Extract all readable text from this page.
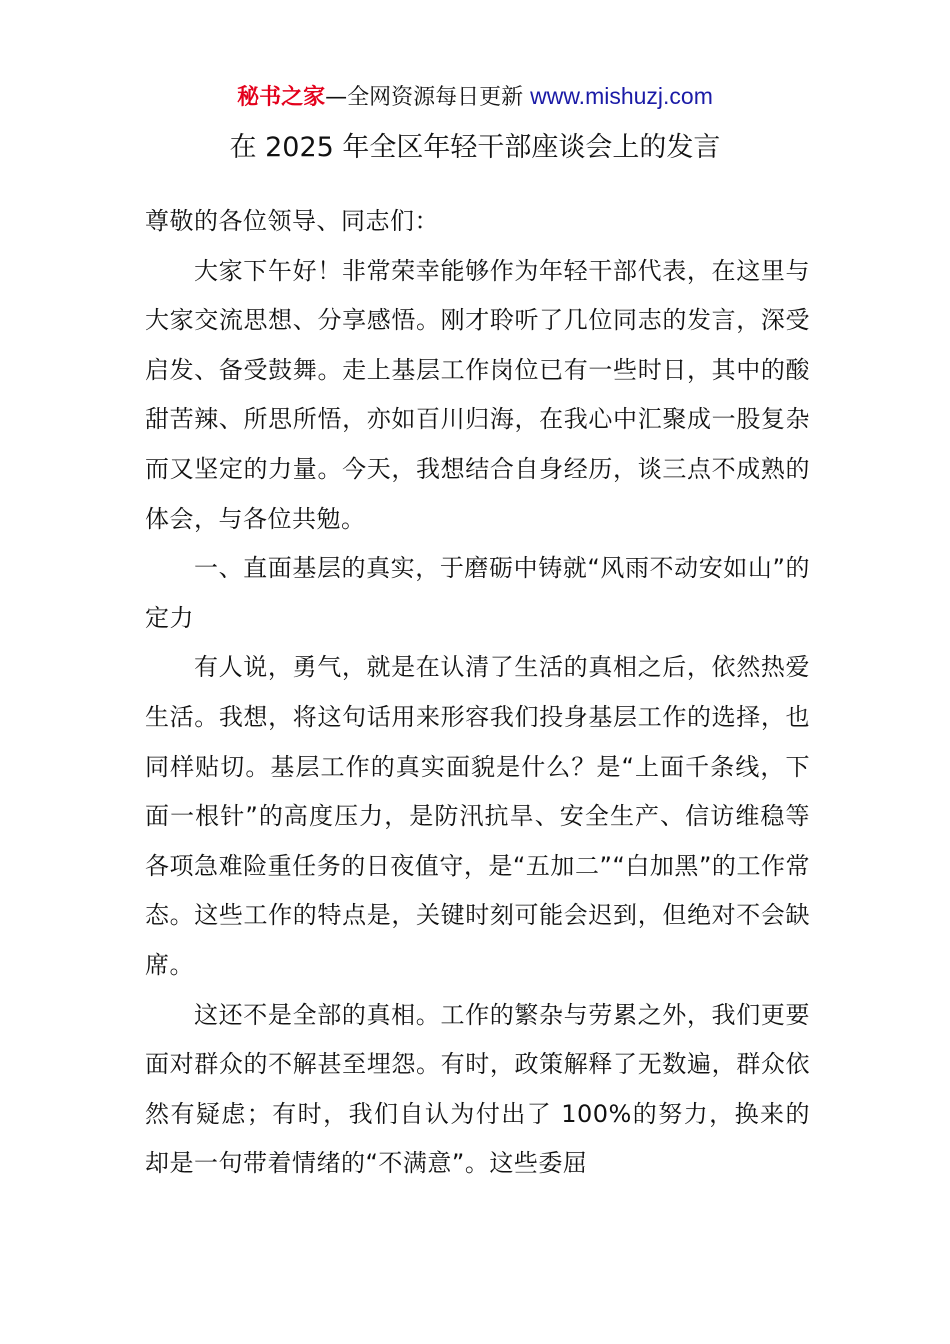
秘书之家—全网资源每日更新 www.mishuzj.com
在 2025 年全区年轻干部座谈会上的发言

尊敬的各位领导、同志们：

大家下午好！非常荣幸能够作为年轻干部代表，在这里与大家交流思想、分享感悟。刚才聆听了几位同志的发言，深受启发、备受鼓舞。走上基层工作岗位已有一些时日，其中的酸甜苦辣、所思所悟，亦如百川归海，在我心中汇聚成一股复杂而又坚定的力量。今天，我想结合自身经历，谈三点不成熟的体会，与各位共勉。

一、直面基层的真实，于磨砺中铸就“风雨不动安如山”的定力

有人说，勇气，就是在认清了生活的真相之后，依然热爱生活。我想，将这句话用来形容我们投身基层工作的选择，也同样贴切。基层工作的真实面貌是什么？是“上面千条线，下面一根针”的高度压力，是防汛抗旱、安全生产、信访维稳等各项急难险重任务的日夜值守，是“五加二”“白加黑”的工作常态。这些工作的特点是，关键时刻可能会迟到，但绝对不会缺席。

这还不是全部的真相。工作的繁杂与劳累之外，我们更要面对群众的不解甚至埋怨。有时，政策解释了无数遍，群众依然有疑虑；有时，我们自认为付出了 100%的努力，换来的却是一句带着情绪的“不满意”。这些委屈
